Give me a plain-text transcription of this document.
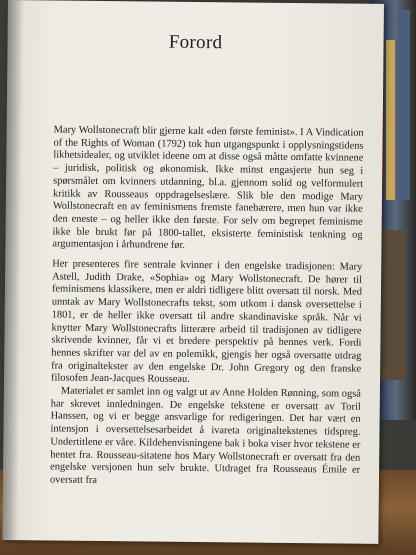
Forord

Mary Wollstonecraft blir gjerne kalt «den første feminist». I A Vindication of the Rights of Woman (1792) tok hun utgangspunkt i opplysningstidens likhetsidealer, og utviklet ideene om at disse også måtte omfatte kvinnene – juridisk, politisk og økonomisk. Ikke minst engasjerte hun seg i spørsmålet om kvinners utdanning, bl.a. gjennom solid og velformulert kritikk av Rousseaus oppdragelseslære. Slik ble den modige Mary Wollstonecraft en av feminismens fremste fanebærere, men hun var ikke den eneste – og heller ikke den første. For selv om begrepet feminisme ikke ble brukt før på 1800-tallet, eksisterte feministisk tenkning og argumentasjon i århundrene før.

Her presenteres fire sentrale kvinner i den engelske tradisjonen: Mary Astell, Judith Drake, «Sophia» og Mary Wollstonecraft. De hører til feminismens klassikere, men er aldri tidligere blitt oversatt til norsk. Med unntak av Mary Wollstonecrafts tekst, som utkom i dansk oversettelse i 1801, er de heller ikke oversatt til andre skandinaviske språk. Når vi knytter Mary Wollstonecrafts litterære arbeid til tradisjonen av tidligere skrivende kvinner, får vi et bredere perspektiv på hennes verk. Fordi hennes skrifter var del av en polemikk, gjengis her også oversatte utdrag fra originaltekster av den engelske Dr. John Gregory og den franske filosofen Jean-Jacques Rousseau.

Materialet er samlet inn og valgt ut av Anne Holden Rønning, som også har skrevet innledningen. De engelske tekstene er oversatt av Toril Hanssen, og vi er begge ansvarlige for redigeringen. Det har vært en intensjon i oversettelsesarbeidet å ivareta originaltekstenes tidspreg. Undertitlene er våre. Kildehenvisningene bak i boka viser hvor tekstene er hentet fra. Rousseau-sitatene hos Mary Wollstonecraft er oversatt fra den engelske versjonen hun selv brukte. Utdraget fra Rousseaus Émile er oversatt fra
